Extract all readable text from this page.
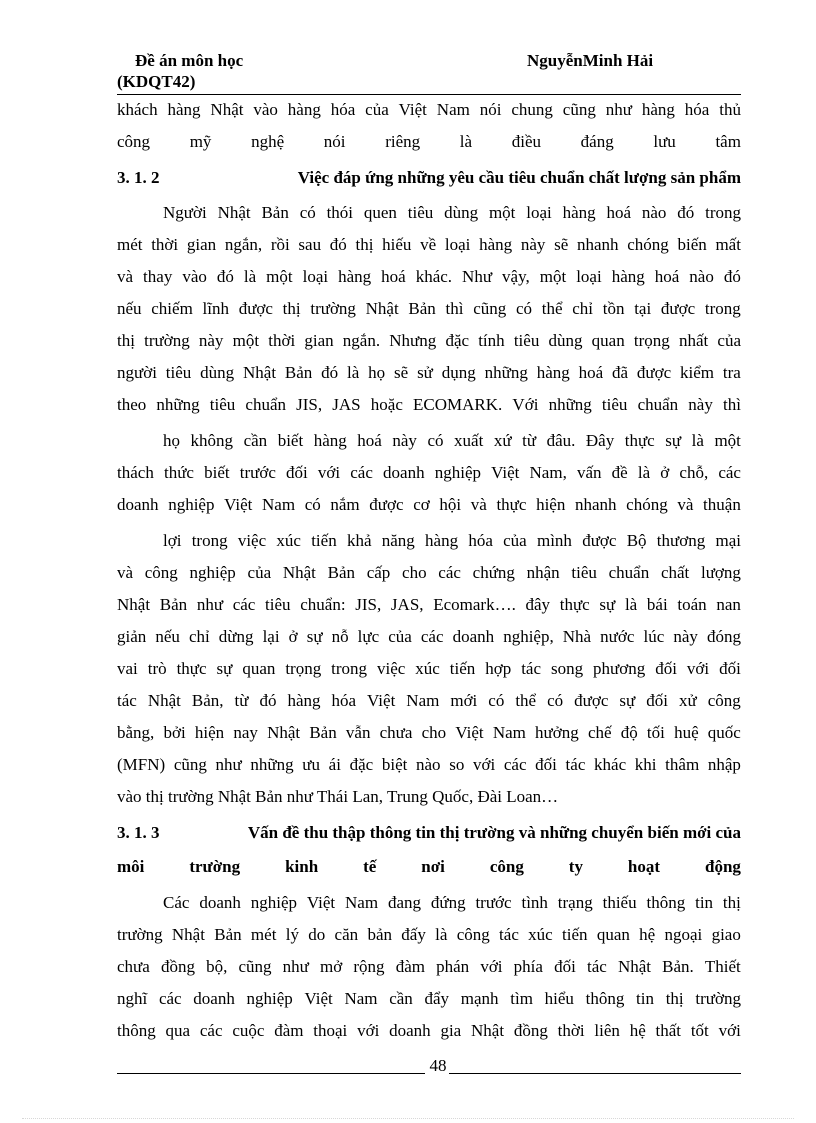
Đề án môn học
(KDQT42)
NguyễnMinh Hải
khách hàng Nhật vào hàng hóa của Việt Nam nói chung cũng như hàng hóa thủ
công mỹ nghệ nói riêng là điều đáng lưu tâm
3. 1. 2	Việc đáp ứng những yêu cầu tiêu chuẩn chất lượng sản phẩm
Người Nhật Bản có thói quen tiêu dùng một loại hàng hoá nào đó trong
mét thời gian ngắn, rồi sau đó thị hiếu về loại hàng này sẽ nhanh chóng biến mất
và thay vào đó là một loại hàng hoá khác. Như vậy, một loại hàng hoá nào đó
nếu chiếm lĩnh được thị trường Nhật Bản thì cũng có thể chỉ tồn tại được trong
thị trường này một thời gian ngắn. Nhưng đặc tính tiêu dùng quan trọng nhất của
người tiêu dùng Nhật Bản đó là họ sẽ sử dụng những hàng hoá đã được kiểm tra
theo những tiêu chuẩn JIS, JAS hoặc ECOMARK. Với những tiêu chuẩn này thì
họ không cần biết hàng hoá này có xuất xứ từ đâu. Đây thực sự là một
thách thức biết trước đối với các doanh nghiệp Việt Nam, vấn đề là ở chỗ, các
doanh nghiệp Việt Nam có nắm được cơ hội và thực hiện nhanh chóng và thuận
lợi trong việc xúc tiến khả năng hàng hóa của mình được Bộ thương mại
và công nghiệp của Nhật Bản cấp cho các chứng nhận tiêu chuẩn chất lượng
Nhật Bản như các tiêu chuẩn: JIS, JAS, Ecomark…. đây thực sự là bái toán nan
giản nếu chỉ dừng lại ở sự nỗ lực của các doanh nghiệp, Nhà nước lúc này đóng
vai trò thực sự quan trọng trong việc xúc tiến hợp tác song phương đối với đối
tác Nhật Bản, từ đó hàng hóa Việt Nam mới có thể có được sự đối xử công
bằng, bởi hiện nay Nhật Bản vẫn chưa cho Việt Nam hưởng chế độ tối huệ quốc
(MFN) cũng như những ưu ái đặc biệt nào so với các đối tác khác khi thâm nhập
vào thị trường Nhật Bản như Thái Lan, Trung Quốc, Đài Loan…
3. 1. 3	Vấn đề thu thập thông tin thị trường và những chuyển biến mới của
môi	trường	kinh	tế	nơi	công	ty	hoạt	động
Các doanh nghiệp Việt Nam đang đứng trước tình trạng thiếu thông tin thị
trường Nhật Bản mét lý do căn bản đấy là công tác xúc tiến quan hệ ngoại giao
chưa đồng bộ, cũng như mở rộng đàm phán với phía đối tác Nhật Bản. Thiết
nghĩ các doanh nghiệp Việt Nam cần đẩy mạnh tìm hiểu thông tin thị trường
thông qua các cuộc đàm thoại với doanh gia Nhật đồng thời liên hệ thất tốt với
48
